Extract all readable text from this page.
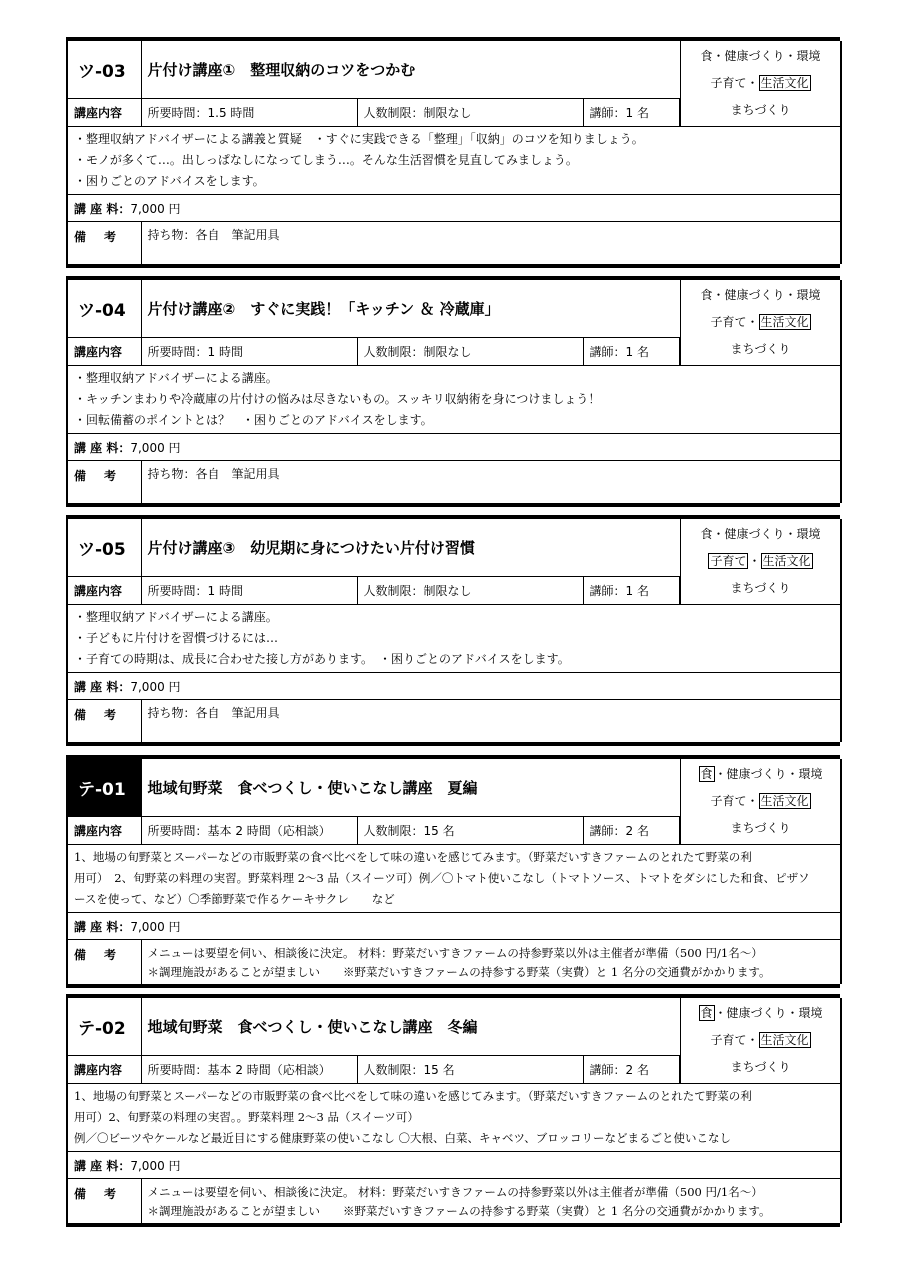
ツ-03	片付け講座①　整理収納のコツをつかむ			食・健康づくり・環境
子育て・ 生活文化
まちづくり

講座内容	所要時間：1.5 時間	人数制限：制限なし	講師：1 名	

・整理収納アドバイザーによる講義と質疑　・すぐに実践できる「整理」「収納」のコツを知りましょう。
・モノが多くて…。出しっぱなしになってしまう…。そんな生活習慣を見直してみましょう。
・困りごとのアドバイスをします。				

講 座 料：7,000 円				
備考	持ち物：各自　筆記用具			
ツ-04	片付け講座②　すぐに実践！「キッチン ＆ 冷蔵庫」			食・健康づくり・環境
子育て・ 生活文化
まちづくり

講座内容	所要時間：1 時間	人数制限：制限なし	講師：1 名	

・整理収納アドバイザーによる講座。
・キッチンまわりや冷蔵庫の片付けの悩みは尽きないもの。スッキリ収納術を身につけましょう！
・回転備蓄のポイントとは？　・困りごとのアドバイスをします。				

講 座 料：7,000 円				
備考	持ち物：各自　筆記用具			
ツ-05	片付け講座③　幼児期に身につけたい片付け習慣			食・健康づくり・環境
子育て ・ 生活文化
まちづくり

講座内容	所要時間：1 時間	人数制限：制限なし	講師：1 名	

・整理収納アドバイザーによる講座。
・子どもに片付けを習慣づけるには…
・子育ての時期は、成長に合わせた接し方があります。　・困りごとのアドバイスをします。				

講 座 料：7,000 円				
備考	持ち物：各自　筆記用具			
テ-01	地域旬野菜　食べつくし・使いこなし講座　夏編			食 ・健康づくり・環境
子育て・ 生活文化
まちづくり

講座内容	所要時間：基本 2 時間（応相談）	人数制限：15 名	講師：2 名	

1、地場の旬野菜とスーパーなどの市販野菜の食べ比べをして味の違いを感じてみます。（野菜だいすきファームのとれたて野菜の利
用可）　2、旬野菜の料理の実習。野菜料理 2～3 品（スイーツ可）例／〇トマト使いこなし（トマトソース、トマトをダシにした和食、ピザソ
ースを使って、など）〇季節野菜で作るケーキサクレ　　など				

講 座 料：7,000 円				
備考	メニューは要望を伺い、相談後に決定。 材料：野菜だいすきファームの持参野菜以外は主催者が準備（500 円/1名～）
＊調理施設があることが望ましい　　※野菜だいすきファームの持参する野菜（実費）と 1 名分の交通費がかかります。			
テ-02	地域旬野菜　食べつくし・使いこなし講座　冬編			食 ・健康づくり・環境
子育て・ 生活文化
まちづくり

講座内容	所要時間：基本 2 時間（応相談）	人数制限：15 名	講師：2 名	

1、地場の旬野菜とスーパーなどの市販野菜の食べ比べをして味の違いを感じてみます。（野菜だいすきファームのとれたて野菜の利
用可）2、旬野菜の料理の実習。。野菜料理 2～3 品（スイーツ可）
例／〇ビーツやケールなど最近目にする健康野菜の使いこなし 〇大根、白菜、キャベツ、ブロッコリーなどまるごと使いこなし				

講 座 料：7,000 円				
備考	メニューは要望を伺い、相談後に決定。 材料：野菜だいすきファームの持参野菜以外は主催者が準備（500 円/1名～）
＊調理施設があることが望ましい　　※野菜だいすきファームの持参する野菜（実費）と 1 名分の交通費がかかります。			
